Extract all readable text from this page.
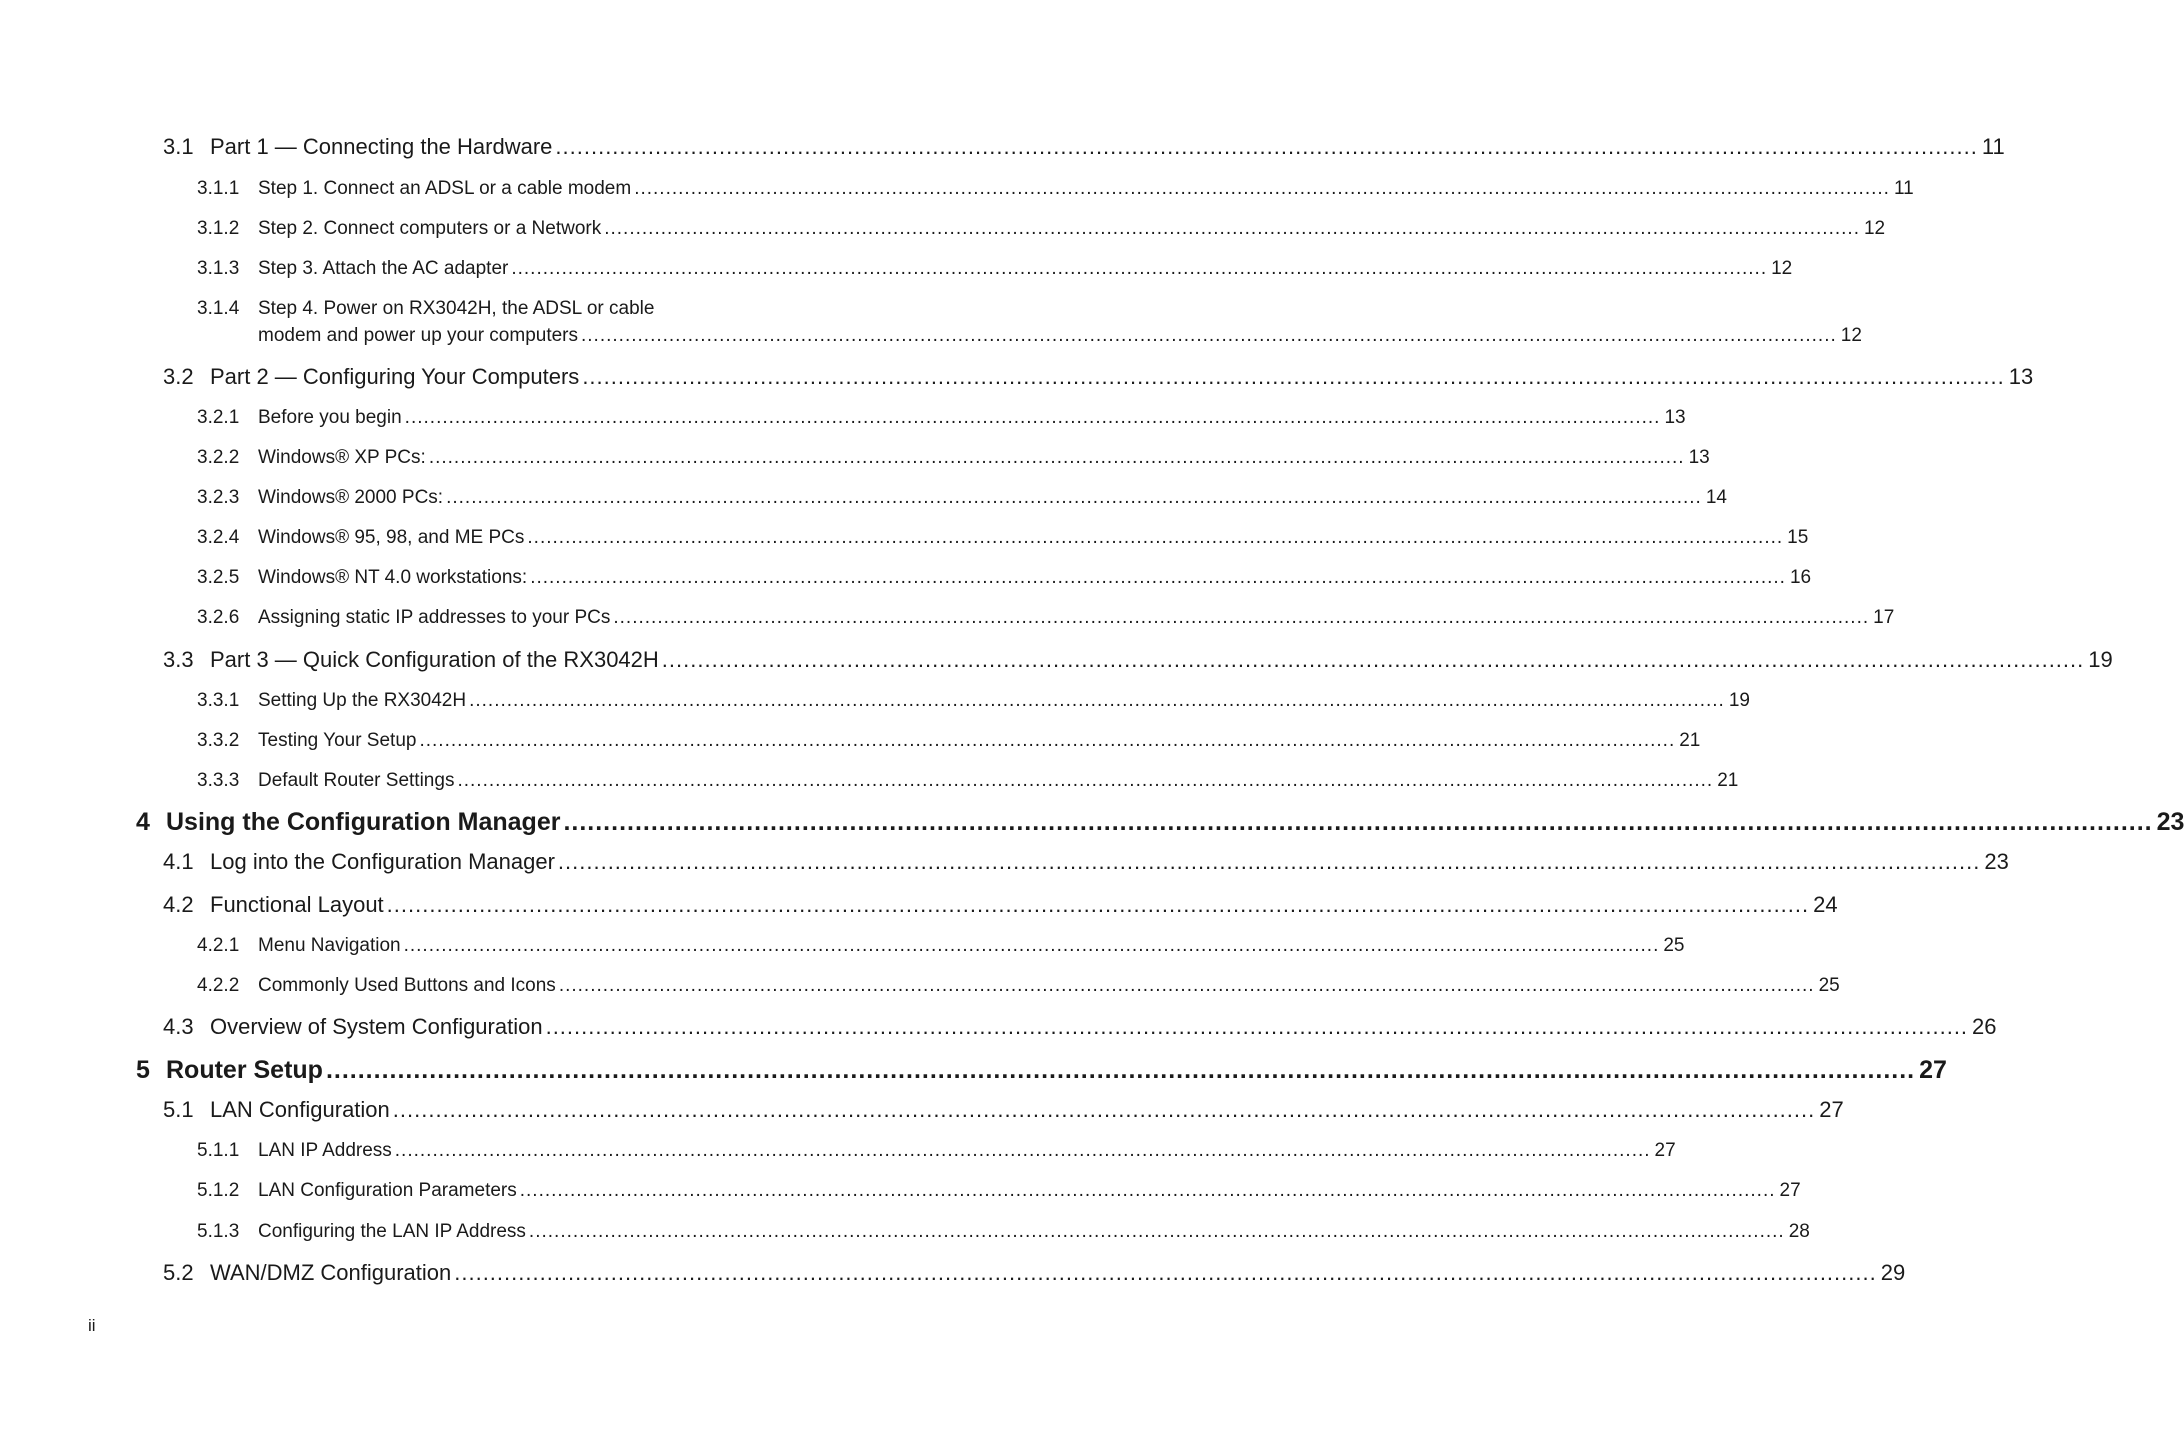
3.1 Part 1 — Connecting the Hardware ........................................................................................................................................................................................................ 11
3.1.1 Step 1. Connect an ADSL or a cable modem ........................................................................................................................................................................................................ 11
3.1.2 Step 2. Connect computers or a Network ........................................................................................................................................................................................................ 12
3.1.3 Step 3. Attach the AC adapter ........................................................................................................................................................................................................ 12
3.1.4 Step 4. Power on RX3042H, the ADSL or cable
modem and power up your computers ........................................................................................................................................................................................................ 12
3.2 Part 2 — Configuring Your Computers ........................................................................................................................................................................................................ 13
3.2.1 Before you begin ........................................................................................................................................................................................................ 13
3.2.2 Windows® XP PCs: ........................................................................................................................................................................................................ 13
3.2.3 Windows® 2000 PCs: ........................................................................................................................................................................................................ 14
3.2.4 Windows® 95, 98, and ME PCs ........................................................................................................................................................................................................ 15
3.2.5 Windows® NT 4.0 workstations: ........................................................................................................................................................................................................ 16
3.2.6 Assigning static IP addresses to your PCs ........................................................................................................................................................................................................ 17
3.3 Part 3 — Quick Configuration of the RX3042H ........................................................................................................................................................................................................ 19
3.3.1 Setting Up the RX3042H ........................................................................................................................................................................................................ 19
3.3.2 Testing Your Setup ........................................................................................................................................................................................................ 21
3.3.3 Default Router Settings ........................................................................................................................................................................................................ 21
4 Using the Configuration Manager ........................................................................................................................................................................................................ 23
4.1 Log into the Configuration Manager ........................................................................................................................................................................................................ 23
4.2 Functional Layout ........................................................................................................................................................................................................ 24
4.2.1 Menu Navigation ........................................................................................................................................................................................................ 25
4.2.2 Commonly Used Buttons and Icons ........................................................................................................................................................................................................ 25
4.3 Overview of System Configuration ........................................................................................................................................................................................................ 26
5 Router Setup ........................................................................................................................................................................................................ 27
5.1 LAN Configuration ........................................................................................................................................................................................................ 27
5.1.1 LAN IP Address ........................................................................................................................................................................................................ 27
5.1.2 LAN Configuration Parameters ........................................................................................................................................................................................................ 27
5.1.3 Configuring the LAN IP Address ........................................................................................................................................................................................................ 28
5.2 WAN/DMZ Configuration ........................................................................................................................................................................................................ 29
ii
